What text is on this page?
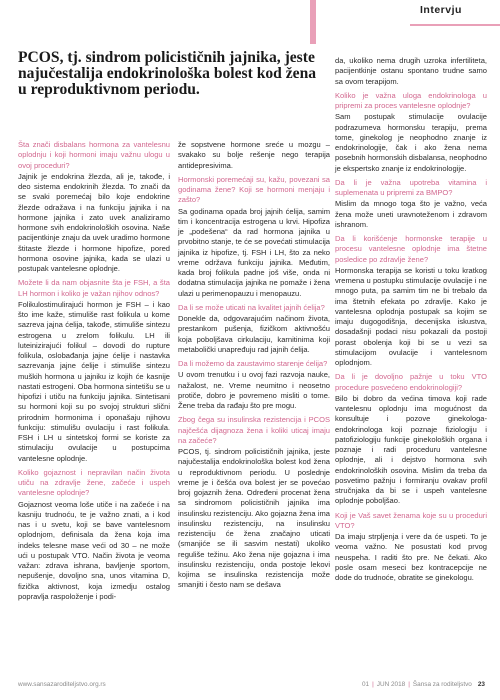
Intervju
PCOS, tj. sindrom policističnih jajnika, jeste najučestalija endokrinološka bolest kod žena u reproduktivnom periodu.

Šta znači disbalans hormona za vantelesnu oplodnju i koji hormoni imaju važnu ulogu u ovoj proceduri?

Jajnik je endokrina žlezda, ali je, takođe, i deo sistema endokrinih žlezda. To znači da se svaki poremećaj bilo koje endokrine žlezde odražava i na funkciju jajnika i na hormone jajnika i zato uvek analiziramo hormone svih endokrinoloških osovina. Naše pacijentkinje znaju da uvek uradimo hormone štitaste žlezde i hormone hipofize, pored hormona osovine jajnika, kada se ulazi u postupak vantelesne oplodnje.

Možete li da nam objasnite šta je FSH, a šta LH hormon i koliko je važan njihov odnos?

Folikulostimulirajući hormon je FSH – i kao što ime kaže, stimuliše rast folikula u kome sazreva jajna ćelija, takođe, stimuliše sintezu estrogena u zrelom folikulu. LH ili luteinizirajući folikul – dovodi do rupture folikula, oslobađanja jajne ćelije i nastavka sazrevanja jajne ćelije i stimuliše sintezu muških hormona u jajniku iz kojih će kasnije nastati estrogeni. Oba hormona sintetišu se u hipofizi i utiču na funkciju jajnika. Sintetisani su hormoni koji su po svojoj strukturi slični prirodnim hormonima i oponašaju njihovu funkciju: stimulišu ovulaciju i rast folikula. FSH i LH u sintetskoj formi se koriste za stimulaciju ovulacije u postupcima vantelesne oplodnje.

Koliko gojaznost i nepravilan način života utiču na zdravlje žene, začeće i uspeh vantelesne oplodnje?

Gojaznost veoma loše utiče i na začeće i na kasniju trudnoću, te je važno znati, a i kod nas i u svetu, koji se bave vantelesnom oplodnjom, definisala da žena koja ima indeks telesne mase veći od 30 – ne može ući u postupak VTO. Način života je veoma važan: zdrava ishrana, bavljenje sportom, nepušenje, dovoljno sna, unos vitamina D, fizička aktivnost, koja izmedju ostalog popravlja raspoloženje i podi-

že sopstvene hormone sreće u mozgu – svakako su bolje rešenje nego terapija antidepresivima.

Hormonski poremećaji su, kažu, povezani sa godinama žene? Koji se hormoni menjaju i zašto?

Sa godinama opada broj jajnih ćelija, samim tim i koncentracija estrogena u krvi. Hipofiza je „podešena“ da rad hormona jajnika u prvobitno stanje, te će se povećati stimulacija jajnika iz hipofize, tj. FSH i LH, što za neko vreme održava funkciju jajnika. Međutim, kada broj folikula padne još više, onda ni dodatna stimulacija jajnika ne pomaže i žena ulazi u perimenopauzu i menopauzu.

Da li se može uticati na kvalitet jajnih ćelija?

Donekle da, odgovarajućim načinom života, prestankom pušenja, fizičkom aktivnošću koja poboljšava cirkulaciju, karnitinima koji metabolički unapređuju rad jajnih ćelija.

Da li možemo da zaustavimo starenje ćelija?

U ovom trenutku i u ovoj fazi razvoja nauke, nažalost, ne. Vreme neumitno i neosetno protiče, dobro je povremeno misliti o tome. Žene treba da rađaju što pre mogu.

Zbog čega su insulinska rezistencija i PCOS najčešća dijagnoza žena i koliki uticaj imaju na začeće?

PCOS, tj. sindrom policističnih jajnika, jeste najučestalija endokrinološka bolest kod žena u reproduktivnom periodu. U poslednje vreme je i češća ova bolest jer se povećao broj gojaznih žena. Određeni procenat žena sa sindromom policističnih jajnika ima insulinsku rezistenciju. Ako gojazna žena ima insulinsku rezistenciju, na insulinsku rezistenciju će žena značajno uticati (smanjiće se ili sasvim nestati) ukoliko reguliše težinu. Ako žena nije gojazna i ima insulinsku rezistenciju, onda postoje lekovi kojima se insulinska rezistencija može smanjiti i često nam se dešava

da, ukoliko nema drugih uzroka infertiliteta, pacijentkinje ostanu spontano trudne samo sa ovom terapijom.

Koliko je važna uloga endokrinologa u pripremi za proces vantelesne oplodnje?

Sam postupak stimulacije ovulacije podrazumeva hormonsku terapiju, prema tome, ginekolog je neophodno znanje iz endokrinologije, čak i ako žena nema posebnih hormonskih disbalansa, neophodno je ekspertsko znanje iz endokrinologije.

Da li je važna upotreba vitamina i suplemenata u pripremi za BMPO?

Mislim da mnogo toga što je važno, veća žena može uneti uravnoteženom i zdravom ishranom.

Da li korišćenje hormonske terapije u procesu vantelesne oplodnje ima štetne posledice po zdravlje žene?

Hormonska terapija se koristi u toku kratkog vremena u postupku stimulacije ovulacije i ne mnogo puta, pa samim tim ne bi trebalo da ima štetnih efekata po zdravlje. Kako je vantelesna oplodnja postupak sa kojim se imaju dugogodišnja, decenijska iskustva, dosadašnji podaci nisu pokazali da postoji porast obolenja koji bi se u vezi sa stimulacijom ovulacije i vantelesnom oplodnjom.

Da li je dovoljno pažnje u toku VTO procedure posvećeno endokrinologiji?

Bilo bi dobro da većina timova koji rade vantelesnu oplodnju ima mogućnost da konsultuje i pozove ginekologa-endokrinologa koji poznaje fiziologiju i patofiziologiju funkcije ginekoloških organa i poznaje i radi proceduru vantelesne oplodnje, ali i dejstvo hormona svih endokrinoloških osovina. Mislim da treba da posvetimo pažnju i formiranju ovakav profil stručnjaka da bi se i uspeh vantelesne oplodnje poboljšao.

Koji je Vaš savet ženama koje su u proceduri VTO?

Da imaju strpljenja i vere da će uspeti. To je veoma važno. Ne posustati kod prvog neuspeha. I raditi što pre. Ne čekati. Ako posle osam meseci bez kontracepcije ne dode do trudnoće, obratite se ginekologu.

www.sansazaroditeljstvo.org.rs	01 | JUN 2018 | Šansa za roditeljstvo 23
